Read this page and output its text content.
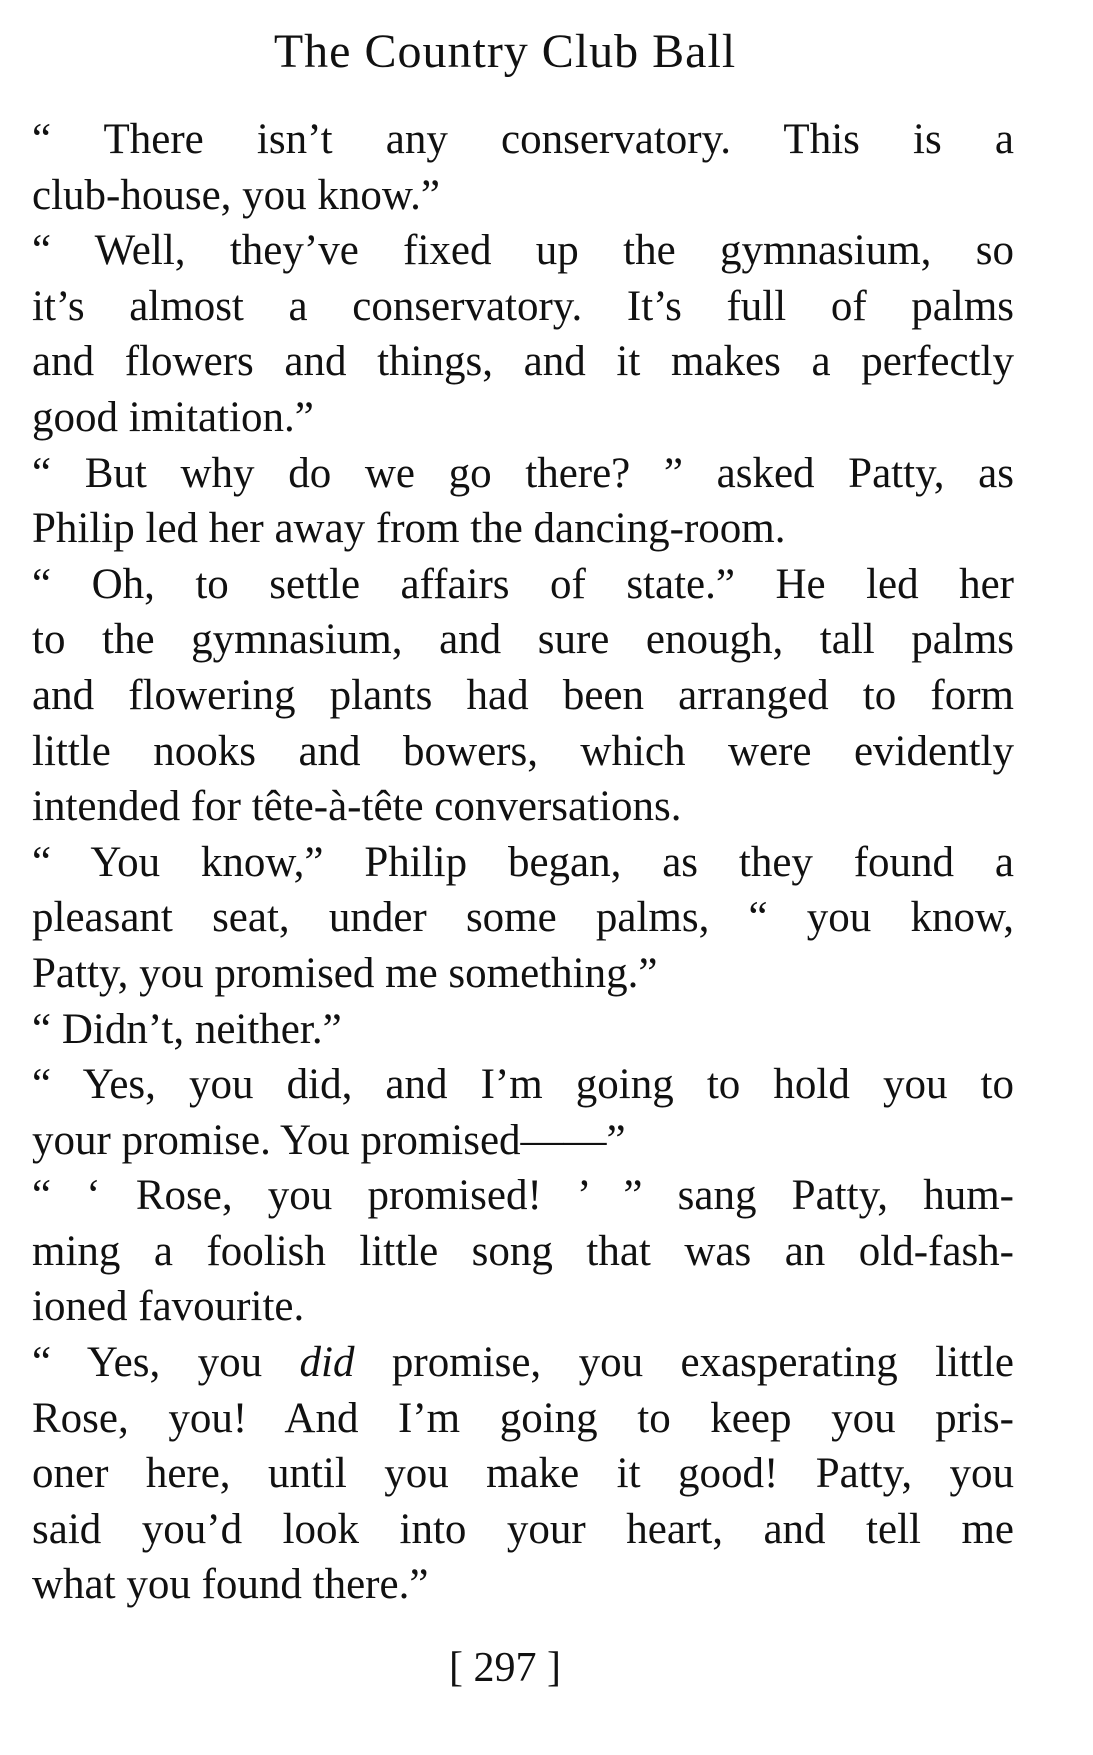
The Country Club Ball
“ There isn’t any conservatory. This is a
club-house, you know.”
“ Well, they’ve fixed up the gymnasium, so
it’s almost a conservatory. It’s full of palms
and flowers and things, and it makes a perfectly
good imitation.”
“ But why do we go there? ” asked Patty, as
Philip led her away from the dancing-room.
“ Oh, to settle affairs of state.” He led her
to the gymnasium, and sure enough, tall palms
and flowering plants had been arranged to form
little nooks and bowers, which were evidently
intended for tête-à-tête conversations.
“ You know,” Philip began, as they found a
pleasant seat, under some palms, “ you know,
Patty, you promised me something.”
“ Didn’t, neither.”
“ Yes, you did, and I’m going to hold you to
your promise. You promised——”
“ ‘ Rose, you promised! ’ ” sang Patty, hum-
ming a foolish little song that was an old-fash-
ioned favourite.
“ Yes, you did promise, you exasperating little
Rose, you! And I’m going to keep you pris-
oner here, until you make it good! Patty, you
said you’d look into your heart, and tell me
what you found there.”
[ 297 ]
